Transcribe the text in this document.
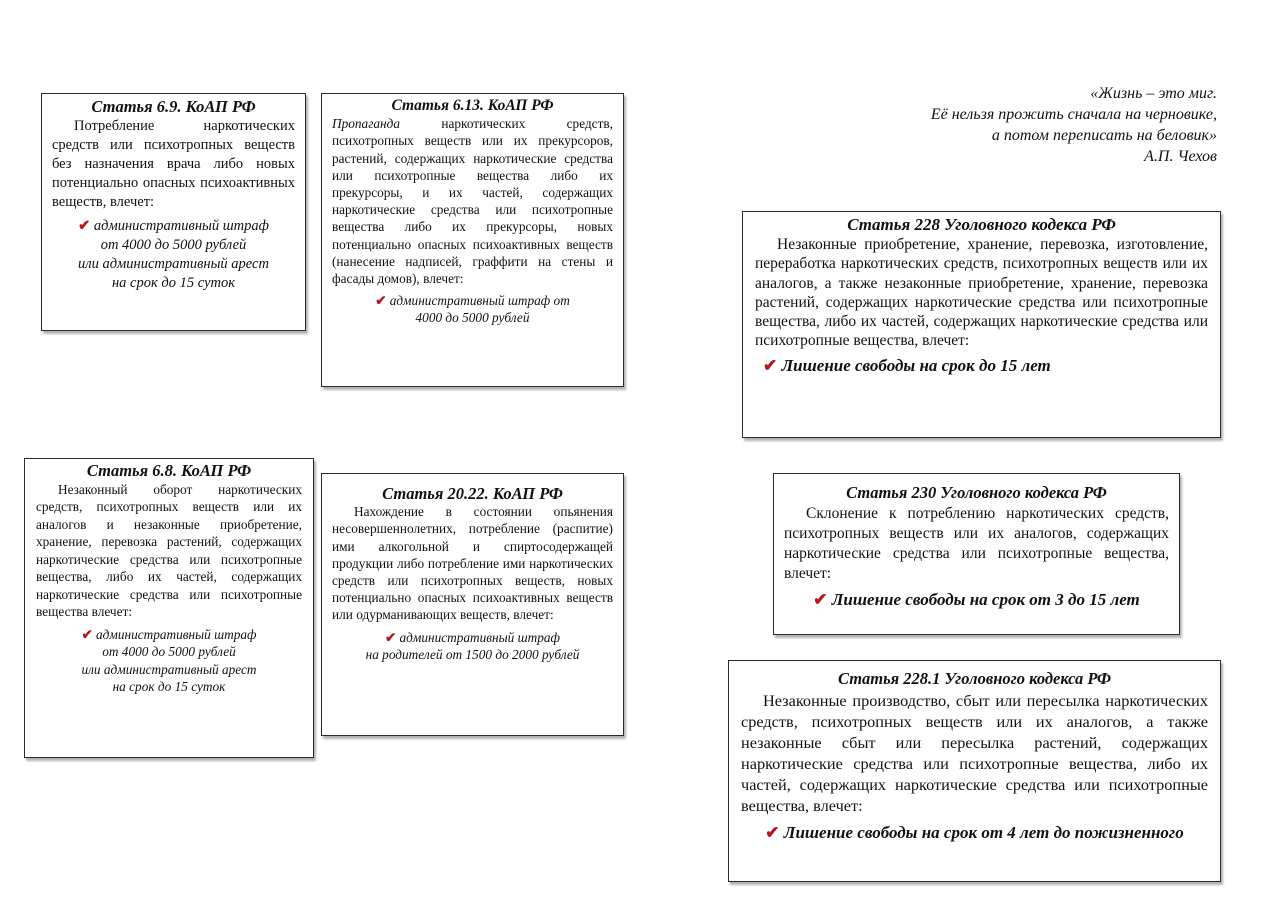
«Жизнь – это миг.
Её нельзя прожить сначала на черновике,
а потом переписать на беловик»
А.П. Чехов
Статья 6.9. КоАП РФ

Потребление наркотических средств или психотропных веществ без назначения врача либо новых потенциально опасных психоактивных веществ, влечет:

✔ административный штраф
от 4000 до 5000 рублей
или административный арест
на срок до 15 суток
Статья 6.13. КоАП РФ

Пропаганда наркотических средств, психотропных веществ или их прекурсоров, растений, содержащих наркотические средства или психотропные вещества либо их прекурсоры, и их частей, содержащих наркотические средства или психотропные вещества либо их прекурсоры, новых потенциально опасных психоактивных веществ (нанесение надписей, граффити на стены и фасады домов), влечет:

✔ административный штраф от
4000 до 5000 рублей
Статья 228 Уголовного кодекса РФ

Незаконные приобретение, хранение, перевозка, изготовление, переработка наркотических средств, психотропных веществ или их аналогов, а также незаконные приобретение, хранение, перевозка растений, содержащих наркотические средства или психотропные вещества, либо их частей, содержащих наркотические средства или психотропные вещества, влечет:

✔ Лишение свободы на срок до 15 лет
Статья 6.8. КоАП РФ

Незаконный оборот наркотических средств, психотропных веществ или их аналогов и незаконные приобретение, хранение, перевозка растений, содержащих наркотические средства или психотропные вещества, либо их частей, содержащих наркотические средства или психотропные вещества влечет:

✔ административный штраф
от 4000 до 5000 рублей
или административный арест
на срок до 15 суток
Статья 20.22. КоАП РФ

Нахождение в состоянии опьянения несовершеннолетних, потребление (распитие) ими алкогольной и спиртосодержащей продукции либо потребление ими наркотических средств или психотропных веществ, новых потенциально опасных психоактивных веществ или одурманивающих веществ, влечет:

✔ административный штраф
на родителей от 1500 до 2000 рублей
Статья 230 Уголовного кодекса РФ

Склонение к потреблению наркотических средств, психотропных веществ или их аналогов, содержащих наркотические средства или психотропные вещества, влечет:

✔ Лишение свободы на срок от 3 до 15 лет
Статья 228.1 Уголовного кодекса РФ

Незаконные производство, сбыт или пересылка наркотических средств, психотропных веществ или их аналогов, а также незаконные сбыт или пересылка растений, содержащих наркотические средства или психотропные вещества, либо их частей, содержащих наркотические средства или психотропные вещества, влечет:

✔ Лишение свободы на срок от 4 лет до пожизненного
